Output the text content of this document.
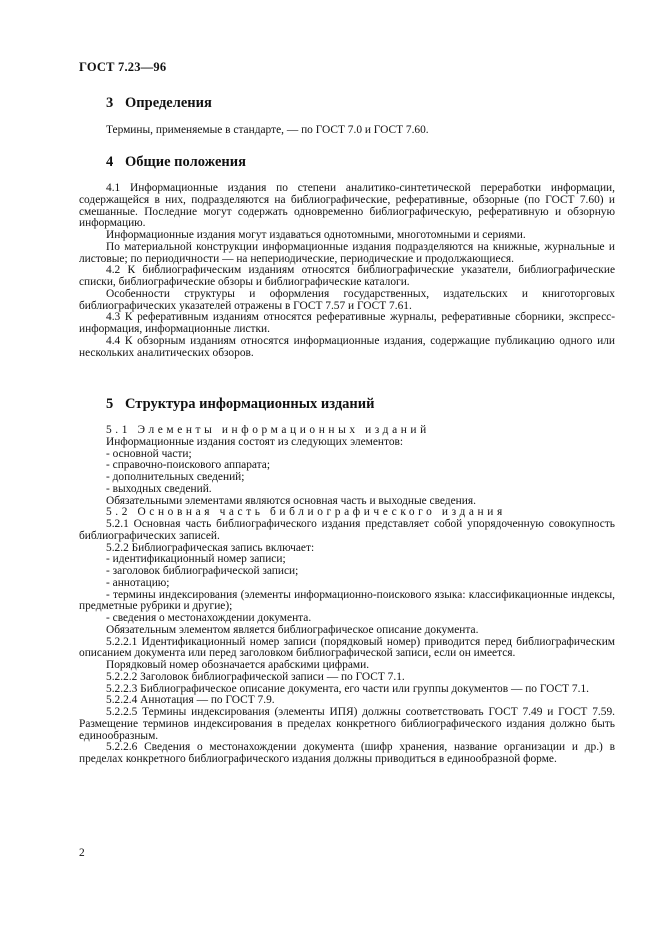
ГОСТ 7.23—96
3 Определения

Термины, применяемые в стандарте, — по ГОСТ 7.0 и ГОСТ 7.60.

4 Общие положения

4.1 Информационные издания по степени аналитико-синтетической переработки информации, содержащейся в них, подразделяются на библиографические, реферативные, обзорные (по ГОСТ 7.60) и смешанные. Последние могут содержать одновременно библиографическую, реферативную и обзорную информацию.

Информационные издания могут издаваться однотомными, многотомными и сериями.

По материальной конструкции информационные издания подразделяются на книжные, журнальные и листовые; по периодичности — на непериодические, периодические и продолжающиеся.

4.2 К библиографическим изданиям относятся библиографические указатели, библиографические списки, библиографические обзоры и библиографические каталоги.

Особенности структуры и оформления государственных, издательских и книготорговых библиографических указателей отражены в ГОСТ 7.57 и ГОСТ 7.61.

4.3 К реферативным изданиям относятся реферативные журналы, реферативные сборники, экспресс-информация, информационные листки.

4.4 К обзорным изданиям относятся информационные издания, содержащие публикацию одного или нескольких аналитических обзоров.

5 Структура информационных изданий

5.1 Элементы информационных изданий

Информационные издания состоят из следующих элементов:

- основной части;

- справочно-поискового аппарата;

- дополнительных сведений;

- выходных сведений.

Обязательными элементами являются основная часть и выходные сведения.

5.2 Основная часть библиографического издания

5.2.1 Основная часть библиографического издания представляет собой упорядоченную совокупность библиографических записей.

5.2.2 Библиографическая запись включает:

- идентификационный номер записи;

- заголовок библиографической записи;

- аннотацию;

- термины индексирования (элементы информационно-поискового языка: классификационные индексы, предметные рубрики и другие);

- сведения о местонахождении документа.

Обязательным элементом является библиографическое описание документа.

5.2.2.1 Идентификационный номер записи (порядковый номер) приводится перед библиографическим описанием документа или перед заголовком библиографической записи, если он имеется.

Порядковый номер обозначается арабскими цифрами.

5.2.2.2 Заголовок библиографической записи — по ГОСТ 7.1.

5.2.2.3 Библиографическое описание документа, его части или группы документов — по ГОСТ 7.1.

5.2.2.4 Аннотация — по ГОСТ 7.9.

5.2.2.5 Термины индексирования (элементы ИПЯ) должны соответствовать ГОСТ 7.49 и ГОСТ 7.59. Размещение терминов индексирования в пределах конкретного библиографического издания должно быть единообразным.

5.2.2.6 Сведения о местонахождении документа (шифр хранения, название организации и др.) в пределах конкретного библиографического издания должны приводиться в единообразной форме.

2
